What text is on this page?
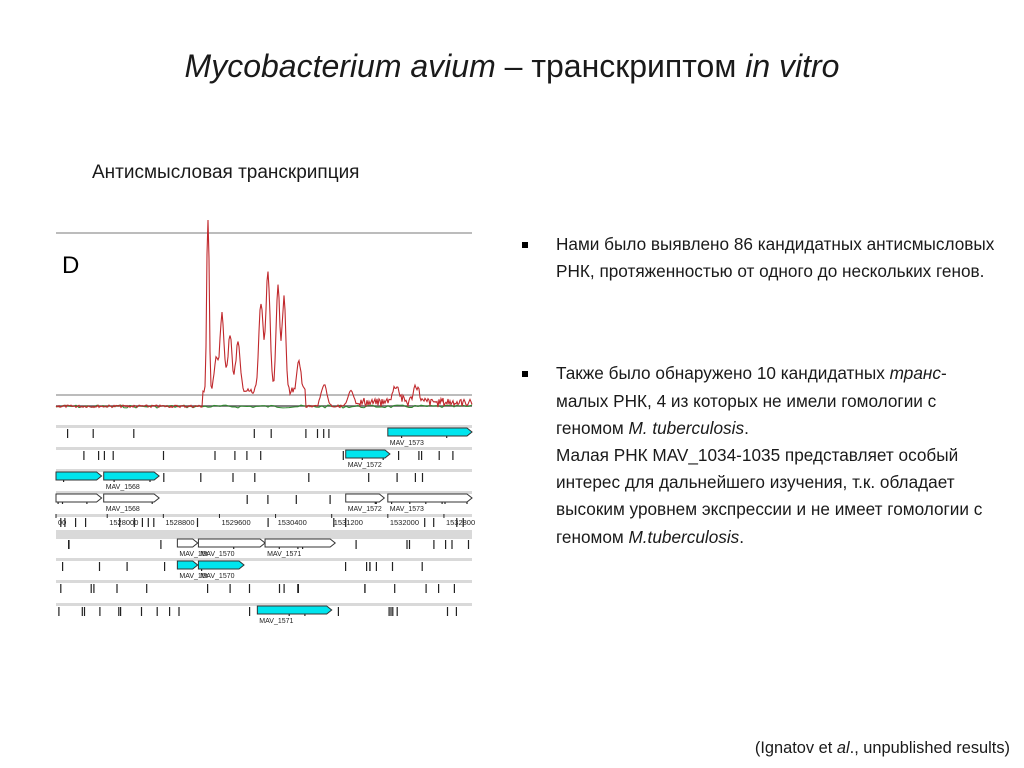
Mycobacterium avium – транскриптом in vitro
Антисмысловая транскрипция
MAV_1573
MAV_1572
MAV_1568
MAV_1568	MAV_1572 MAV_1573
MAV_15t
MAV_1570	MAV_1571
MAV_15t
MAV_1570
MAV_1571
00	1528000	1528800	1529600	1530400	1531200	1532000	1532800
D
Нами было выявлено 86 кандидатных антисмысловых РНК, протяженностью от одного до нескольких генов.
Также было обнаружено 10 кандидатных транс-малых РНК, 4 из которых не имели гомологии с геномом M. tuberculosis.
Малая РНК MAV_1034-1035 представляет особый интерес для дальнейшего изучения, т.к. обладает высоким уровнем экспрессии и не имеет гомологии с геномом M.tuberculosis.
(Ignatov et al., unpublished results)
